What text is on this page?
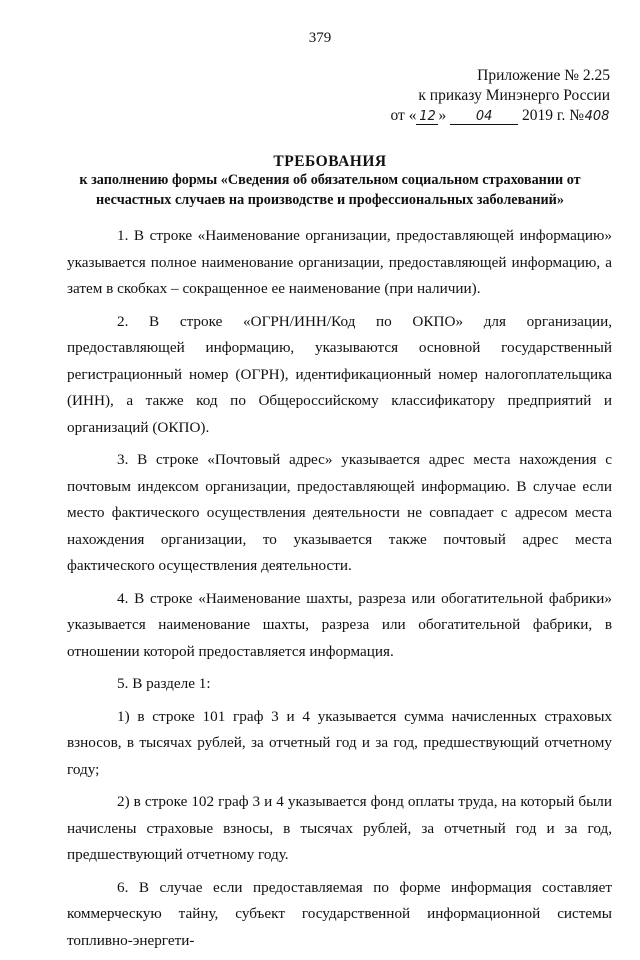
379
Приложение № 2.25
к приказу Минэнерго России
от « 12 » 04 2019 г. №408
ТРЕБОВАНИЯ
к заполнению формы «Сведения об обязательном социальном страховании от несчастных случаев на производстве и профессиональных заболеваний»

1. В строке «Наименование организации, предоставляющей информацию» указывается полное наименование организации, предоставляющей информацию, а затем в скобках – сокращенное ее наименование (при наличии).

2. В строке «ОГРН/ИНН/Код по ОКПО» для организации, предоставляющей информацию, указываются основной государственный регистрационный номер (ОГРН), идентификационный номер налогоплательщика (ИНН), а также код по Общероссийскому классификатору предприятий и организаций (ОКПО).

3. В строке «Почтовый адрес» указывается адрес места нахождения с почтовым индексом организации, предоставляющей информацию. В случае если место фактического осуществления деятельности не совпадает с адресом места нахождения организации, то указывается также почтовый адрес места фактического осуществления деятельности.

4. В строке «Наименование шахты, разреза или обогатительной фабрики» указывается наименование шахты, разреза или обогатительной фабрики, в отношении которой предоставляется информация.

5. В разделе 1:

1) в строке 101 граф 3 и 4 указывается сумма начисленных страховых взносов, в тысячах рублей, за отчетный год и за год, предшествующий отчетному году;

2) в строке 102 граф 3 и 4 указывается фонд оплаты труда, на который были начислены страховые взносы, в тысячах рублей, за отчетный год и за год, предшествующий отчетному году.

6. В случае если предоставляемая по форме информация составляет коммерческую тайну, субъект государственной информационной системы топливно-энергети-
